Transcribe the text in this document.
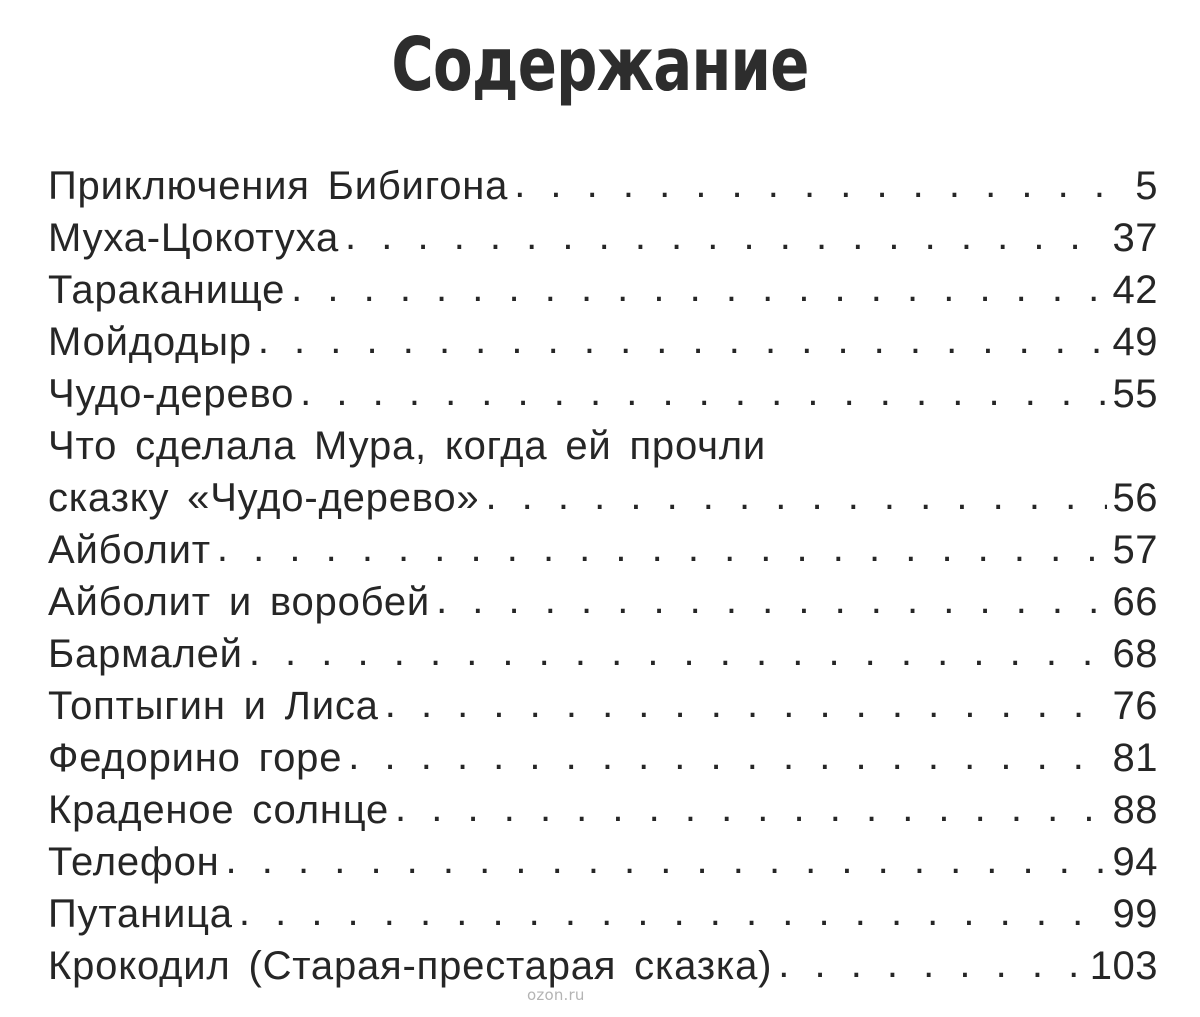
Содержание
Приключения Бибигона . . .	5
Муха-Цокотуха . . .	37
Тараканище . . .	42
Мойдодыр . . .	49
Чудо-дерево . . .	55
Что сделала Мура, когда ей прочли
сказку «Чудо-дерево» . . .	56
Айболит . . .	57
Айболит и воробей . . .	66
Бармалей . . .	68
Топтыгин и Лиса . . .	76
Федорино горе . . .	81
Краденое солнце . . .	88
Телефон . . .	94
Путаница . . .	99
Крокодил (Старая-престарая сказка) . . .	103
ozon.ru
